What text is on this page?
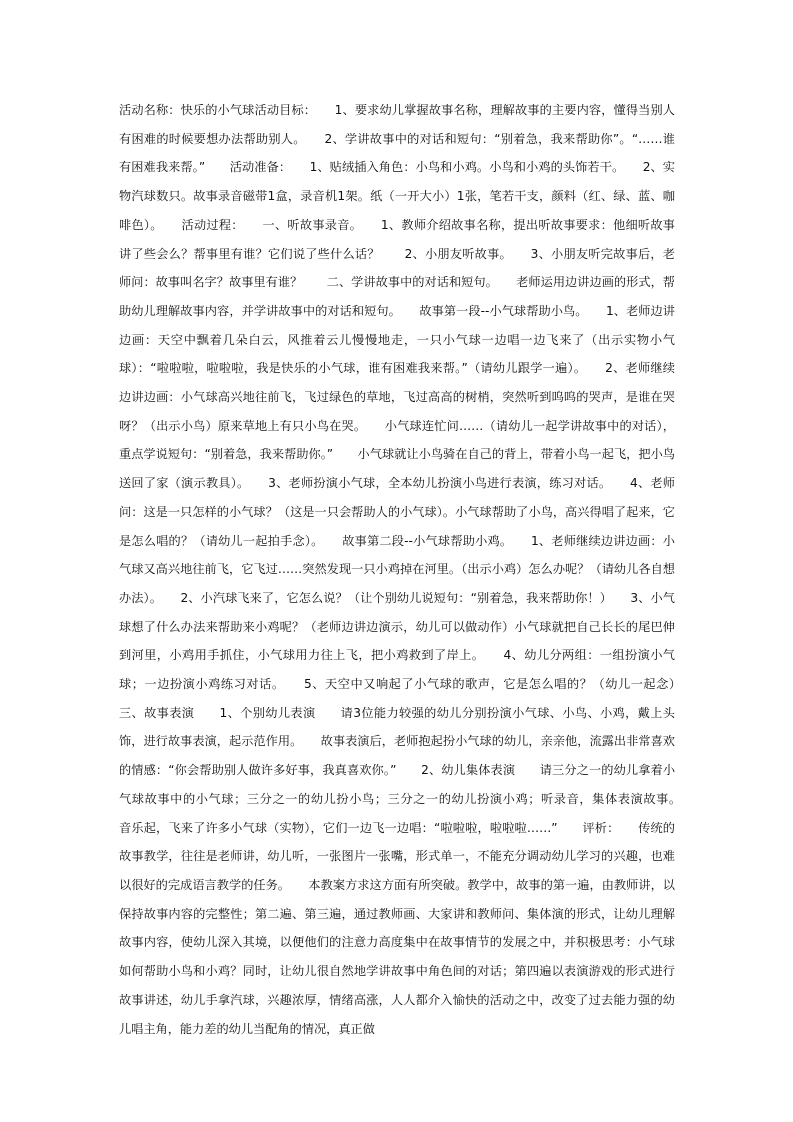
活动名称：快乐的小气球活动目标：　　1、要求幼儿掌握故事名称，理解故事的主要内容，懂得当别人有困难的时候要想办法帮助别人。　　2、学讲故事中的对话和短句：“别着急，我来帮助你”。“……谁有困难我来帮。”　　活动准备：　　1、贴绒插入角色：小鸟和小鸡。小鸟和小鸡的头饰若干。　　2、实物汽球数只。故事录音磁带1盒，录音机1架。纸（一开大小）1张，笔若干支，颜料（红、绿、蓝、咖啡色）。　　活动过程：　　一、听故事录音。　　1、教师介绍故事名称，提出听故事要求：他细听故事讲了些会么？帮事里有谁？它们说了些什么话？　　2、小朋友听故事。　　3、小朋友听完故事后，老师问：故事叫名字？故事里有谁？　　二、学讲故事中的对话和短句。　　老师运用边讲边画的形式，帮助幼儿理解故事内容，并学讲故事中的对话和短句。　　故事第一段--小气球帮助小鸟。　　1、老师边讲边画：天空中飘着几朵白云，风推着云儿慢慢地走，一只小气球一边唱一边飞来了（出示实物小气球）：“啦啦啦，啦啦啦，我是快乐的小气球，谁有困难我来帮。”（请幼儿跟学一遍）。　　2、老师继续边讲边画：小气球高兴地往前飞，飞过绿色的草地，飞过高高的树梢，突然听到呜呜的哭声，是谁在哭呀？（出示小鸟）原来草地上有只小鸟在哭。　　小气球连忙问……（请幼儿一起学讲故事中的对话），重点学说短句：“别着急，我来帮助你。”　　小气球就让小鸟骑在自己的背上，带着小鸟一起飞，把小鸟送回了家（演示教具）。　　3、老师扮演小气球，全本幼儿扮演小鸟进行表演，练习对话。　　4、老师问：这是一只怎样的小气球？（这是一只会帮助人的小气球）。小气球帮助了小鸟，高兴得唱了起来，它是怎么唱的？（请幼儿一起拍手念）。　　故事第二段--小气球帮助小鸡。　　1、老师继续边讲边画：小气球又高兴地往前飞，它飞过……突然发现一只小鸡掉在河里。（出示小鸡）怎么办呢？（请幼儿各自想办法）。　　2、小汽球飞来了，它怎么说？（让个别幼儿说短句：“别着急，我来帮助你！）　　3、小气球想了什么办法来帮助来小鸡呢？（老师边讲边演示，幼儿可以做动作）小气球就把自己长长的尾巴伸到河里，小鸡用手抓住，小气球用力往上飞，把小鸡救到了岸上。　　4、幼儿分两组：一组扮演小气球；一边扮演小鸡练习对话。　　5、天空中又响起了小气球的歌声，它是怎么唱的？（幼儿一起念）　　三、故事表演　　1、个别幼儿表演　　请3位能力较强的幼儿分别扮演小气球、小鸟、小鸡，戴上头饰，进行故事表演，起示范作用。　　故事表演后，老师抱起扮小气球的幼儿，亲亲他，流露出非常喜欢的情感：“你会帮助别人做许多好事，我真喜欢你。”　　2、幼儿集体表演　　请三分之一的幼儿拿着小气球故事中的小气球；三分之一的幼儿扮小鸟；三分之一的幼儿扮演小鸡；听录音，集体表演故事。　　音乐起，飞来了许多小气球（实物），它们一边飞一边唱：“啦啦啦，啦啦啦……”　　评析：　　传统的故事教学，往往是老师讲，幼儿听，一张图片一张嘴，形式单一，不能充分调动幼儿学习的兴趣，也难以很好的完成语言教学的任务。　　本教案方求这方面有所突破。教学中，故事的第一遍，由教师讲，以保持故事内容的完整性；第二遍、第三遍，通过教师画、大家讲和教师问、集体演的形式，让幼儿理解故事内容，使幼儿深入其境，以便他们的注意力高度集中在故事情节的发展之中，并积极思考：小气球如何帮助小鸟和小鸡？同时，让幼儿很自然地学讲故事中角色间的对话；第四遍以表演游戏的形式进行故事讲述，幼儿手拿汽球，兴趣浓厚，情绪高涨，人人都介入愉快的活动之中，改变了过去能力强的幼儿唱主角，能力差的幼儿当配角的情况，真正做
